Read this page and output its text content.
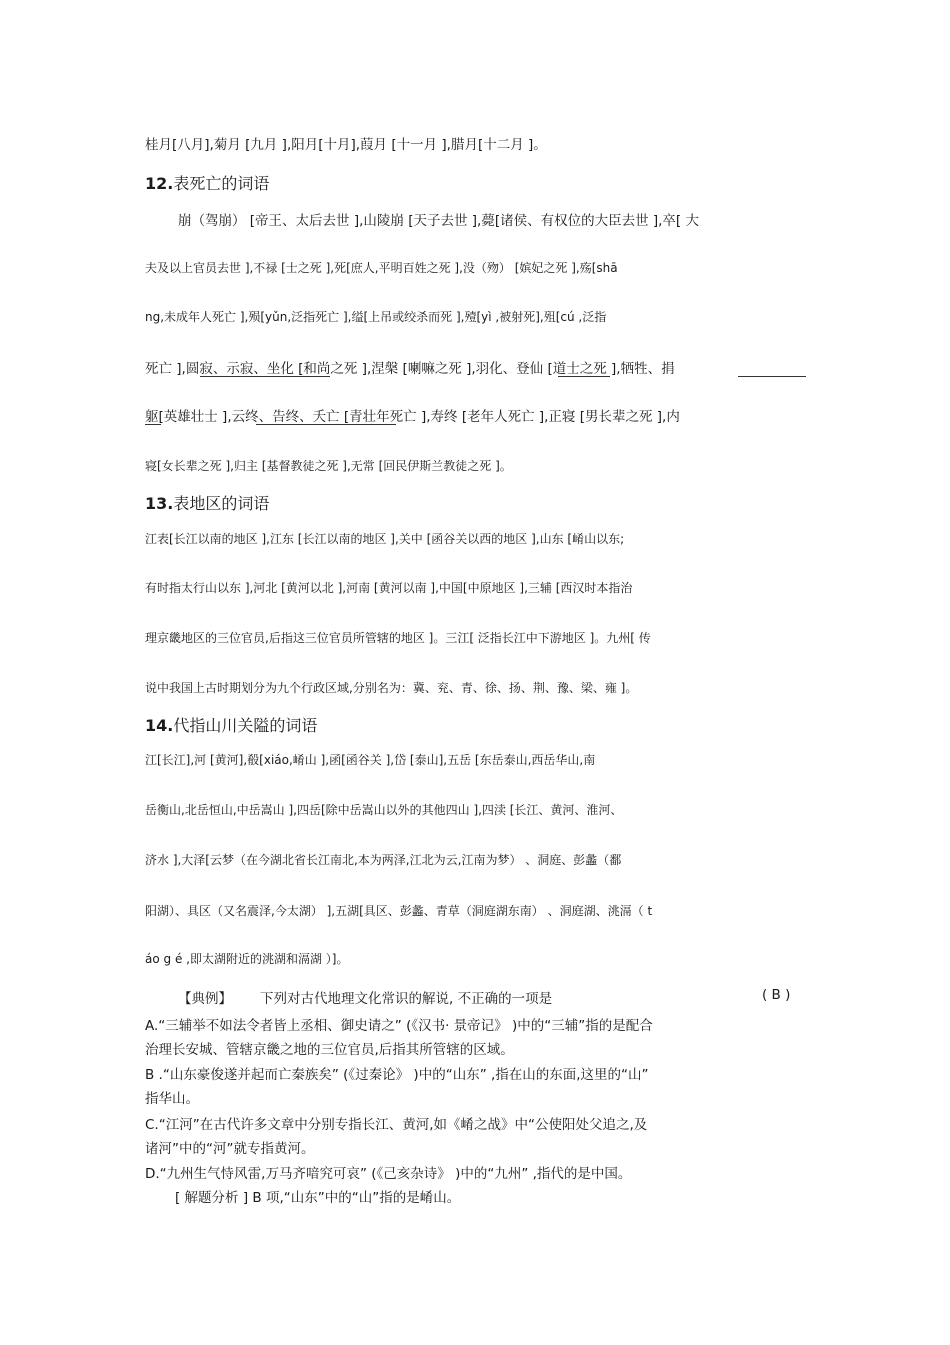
桂月[八月],菊月 [九月 ],阳月[十月],葭月 [十一月 ],腊月[十二月 ]。
12.表死亡的词语
崩（驾崩） [帝王、太后去世 ],山陵崩 [天子去世 ],薨[诸侯、有权位的大臣去世 ],卒[ 大
夫及以上官员去世 ],不禄 [士之死 ],死[庶人,平明百姓之死 ],没（歾） [嫔妃之死 ],殇[shā
ng,未成年人死亡 ],殒[yǔn,泛指死亡 ],缢[上吊或绞杀而死 ],殪[yì ,被射死],殂[cú ,泛指
死亡 ],圆寂、示寂、坐化 [和尚之死 ],涅槃 [喇嘛之死 ],羽化、登仙 [道士之死 ],牺牲、捐
躯[英雄壮士 ],云终、告终、夭亡 [青壮年死亡 ],寿终 [老年人死亡 ],正寝 [男长辈之死 ],内
寝[女长辈之死 ],归主 [基督教徒之死 ],无常 [回民伊斯兰教徒之死 ]。
13.表地区的词语
江表[长江以南的地区 ],江东 [长江以南的地区 ],关中 [函谷关以西的地区 ],山东 [崤山以东;
有时指太行山以东 ],河北 [黄河以北 ],河南 [黄河以南 ],中国[中原地区 ],三辅 [西汉时本指治
理京畿地区的三位官员,后指这三位官员所管辖的地区 ]。三江[ 泛指长江中下游地区 ]。九州[ 传
说中我国上古时期划分为九个行政区域,分别名为：冀、兖、青、徐、扬、荆、豫、梁、雍 ]。
14.代指山川关隘的词语
江[长江],河 [黄河],殽[xiáo,崤山 ],函[函谷关 ],岱 [泰山],五岳 [东岳泰山,西岳华山,南
岳衡山,北岳恒山,中岳嵩山 ],四岳[除中岳嵩山以外的其他四山 ],四渎 [长江、黄河、淮河、
济水 ],大泽[云梦（在今湖北省长江南北,本为两泽,江北为云,江南为梦） 、洞庭、彭蠡（鄱
阳湖）、具区（又名震泽,今太湖） ],五湖[具区、彭蠡、青草（洞庭湖东南） 、洞庭湖、洮滆（ t
áo g é ,即太湖附近的洮湖和滆湖 ）]。
【典例】 下列对古代地理文化常识的解说, 不正确的一项是	( B )
A.“三辅举不如法令者皆上丞相、御史请之” (《汉书· 景帝记》 )中的“三辅”指的是配合
治理长安城、管辖京畿之地的三位官员,后指其所管辖的区域。
B .“山东豪俊遂并起而亡秦族矣” (《过秦论》 )中的“山东” ,指在山的东面,这里的“山”
指华山。
C.“江河”在古代许多文章中分别专指长江、黄河,如《崤之战》中“公使阳处父追之,及
诸河”中的“河”就专指黄河。
D.“九州生气恃风雷,万马齐喑究可哀” (《己亥杂诗》 )中的“九州” ,指代的是中国。
[ 解题分析 ] B 项,“山东”中的“山”指的是崤山。
